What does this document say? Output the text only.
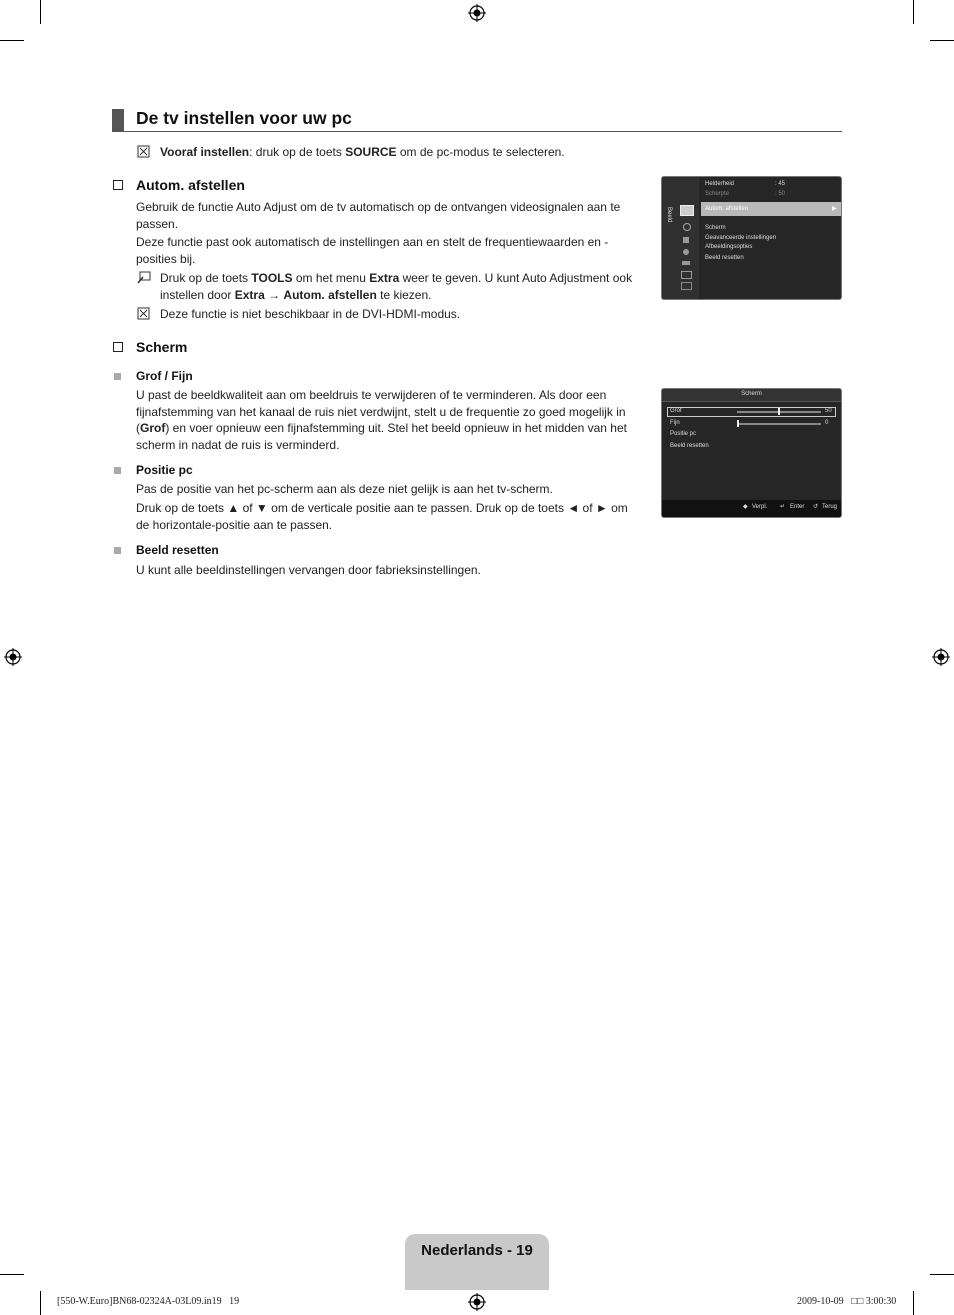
De tv instellen voor uw pc
Vooraf instellen: druk op de toets SOURCE om de pc-modus te selecteren.
Autom. afstellen
Gebruik de functie Auto Adjust om de tv automatisch op de ontvangen videosignalen aan te passen.
Deze functie past ook automatisch de instellingen aan en stelt de frequentiewaarden en -posities bij.
Druk op de toets TOOLS om het menu Extra weer te geven. U kunt Auto Adjustment ook instellen door Extra → Autom. afstellen te kiezen.
Deze functie is niet beschikbaar in de DVI-HDMI-modus.
Beeld
Helderheid	: 45
Scherpte	: 50
Autom. afstellen	▶
Scherm
Geavanceerde instellingen
Afbeeldingsopties
Beeld resetten
Scherm
Grof / Fijn
U past de beeldkwaliteit aan om beeldruis te verwijderen of te verminderen. Als door een fijnafstemming van het kanaal de ruis niet verdwijnt, stelt u de frequentie zo goed mogelijk in (Grof) en voer opnieuw een fijnafstemming uit. Stel het beeld opnieuw in het midden van het scherm in nadat de ruis is verminderd.
Positie pc
Pas de positie van het pc-scherm aan als deze niet gelijk is aan het tv-scherm.
Druk op de toets ▲ of ▼ om de verticale positie aan te passen. Druk op de toets ◄ of ► om de horizontale-positie aan te passen.
Beeld resetten
U kunt alle beeldinstellingen vervangen door fabrieksinstellingen.
Scherm
Grof	50
Fijn	0
Positie pc
Beeld resetten
◆ Verpl. ↵ Enter ↺ Terug
Nederlands - 19
[550-W.Euro]BN68-02324A-03L09.in19   19	2009-10-09   □□ 3:00:30
